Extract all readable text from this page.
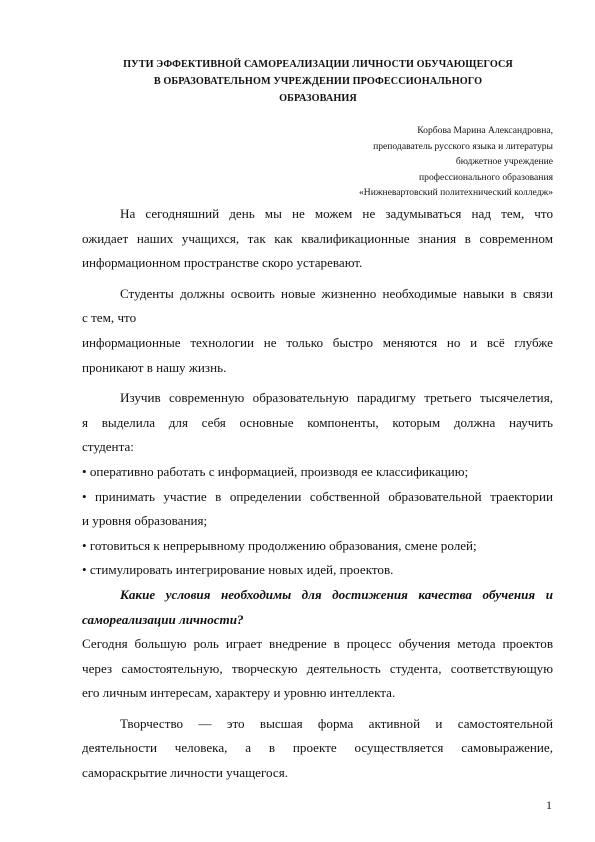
ПУТИ ЭФФЕКТИВНОЙ САМОРЕАЛИЗАЦИИ ЛИЧНОСТИ ОБУЧАЮЩЕГОСЯ
В ОБРАЗОВАТЕЛЬНОМ УЧРЕЖДЕНИИ ПРОФЕССИОНАЛЬНОГО
ОБРАЗОВАНИЯ
Корбова Марина Александровна,
преподаватель русского языка и литературы
бюджетное учреждение
профессионального образования
«Нижневартовский политехнический колледж»
На сегодняшний день мы не можем не задумываться над тем, что
ожидает наших учащихся, так как квалификационные знания в современном
информационном пространстве скоро устаревают.
Студенты должны освоить новые жизненно необходимые навыки в связи
с тем, что
информационные технологии не только быстро меняются но и всё глубже
проникают в нашу жизнь.
Изучив современную образовательную парадигму третьего тысячелетия,
я выделила для себя основные компоненты, которым должна научить
студента:
• оперативно работать с информацией, производя ее классификацию;
• принимать участие в определении собственной образовательной траектории
и уровня образования;
• готовиться к непрерывному продолжению образования, смене ролей;
• стимулировать интегрирование новых идей, проектов.
Какие условия необходимы для достижения качества обучения и
самореализации личности?
Сегодня большую роль играет внедрение в процесс обучения метода проектов
через самостоятельную, творческую деятельность студента, соответствующую
его личным интересам, характеру и уровню интеллекта.
Творчество — это высшая форма активной и самостоятельной
деятельности человека, а в проекте осуществляется самовыражение,
самораскрытие личности учащегося.
1
